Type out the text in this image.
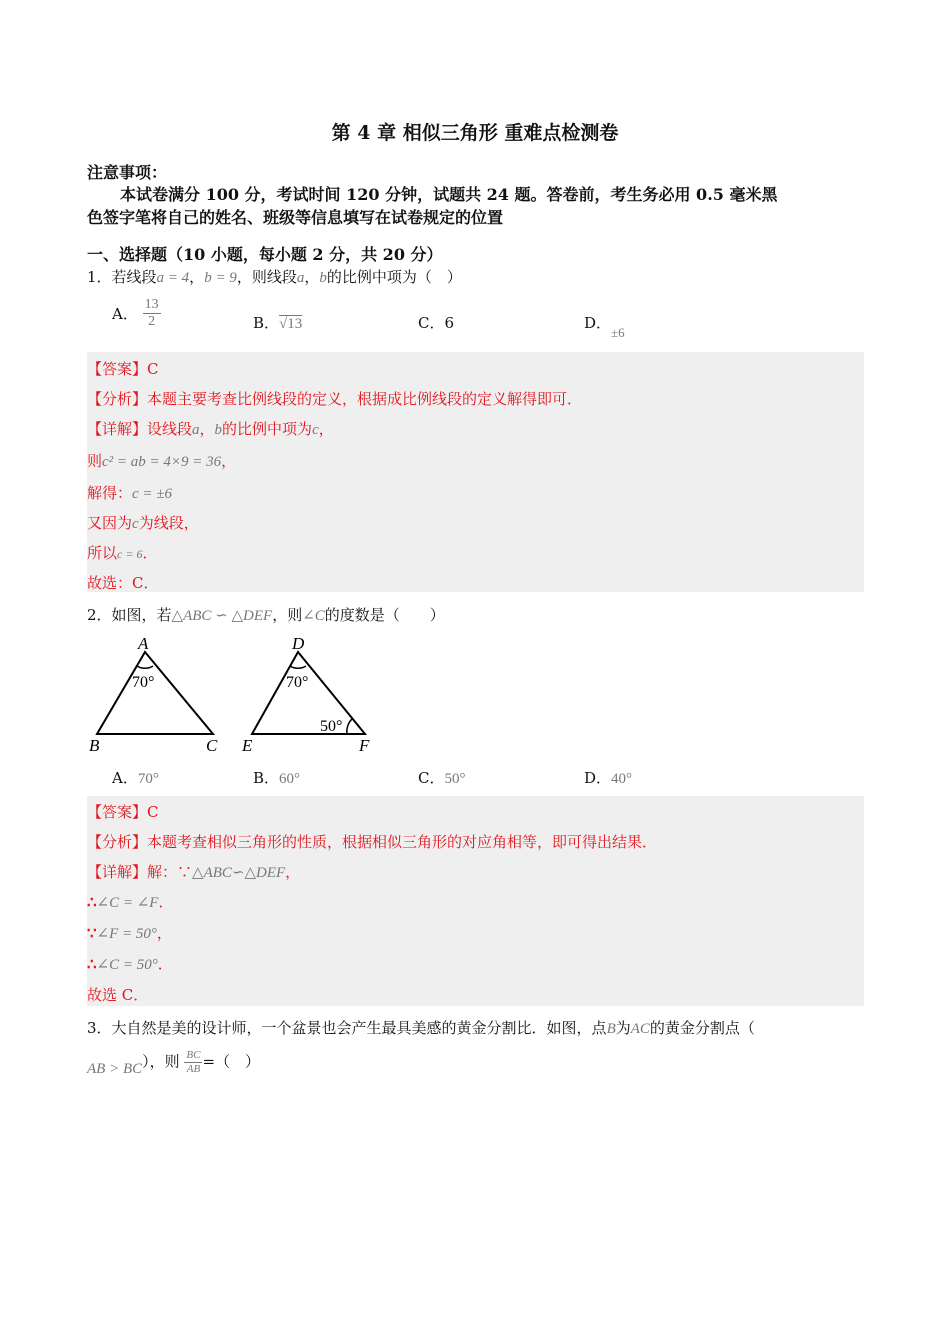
第 4 章 相似三角形 重难点检测卷
注意事项：
本试卷满分 100 分，考试时间 120 分钟，试题共 24 题。答卷前，考生务必用 0.5 毫米黑
色签字笔将自己的姓名、班级等信息填写在试卷规定的位置
一、选择题（10 小题，每小题 2 分，共 20 分）
1．若线段a = 4，b = 9，则线段a，b的比例中项为（　）
A． $\frac{13}{2}$	B．√13	C．6	D．±6
【答案】C
【分析】本题主要考查比例线段的定义，根据成比例线段的定义解得即可．
【详解】设线段a，b的比例中项为c，
则c² = ab = 4×9 = 36，
解得：c = ±6
又因为c为线段，
所以c = 6．
故选：C．
2．如图，若△ABC ∽ △DEF，则∠C的度数是（　　）
A
B	C
70°
D
E	F
70°
50°
A．70°	B．60°	C．50°	D．40°
【答案】C
【分析】本题考查相似三角形的性质，根据相似三角形的对应角相等，即可得出结果．
【详解】解：∵△ABC∽△DEF，
∴∠C = ∠F．
∵∠F = 50°，
∴∠C = 50°．
故选 C．
3．大自然是美的设计师，一个盆景也会产生最具美感的黄金分割比．如图，点B为AC的黄金分割点（
AB > BC），则 $\frac{BC}{AB}$ =（　）
